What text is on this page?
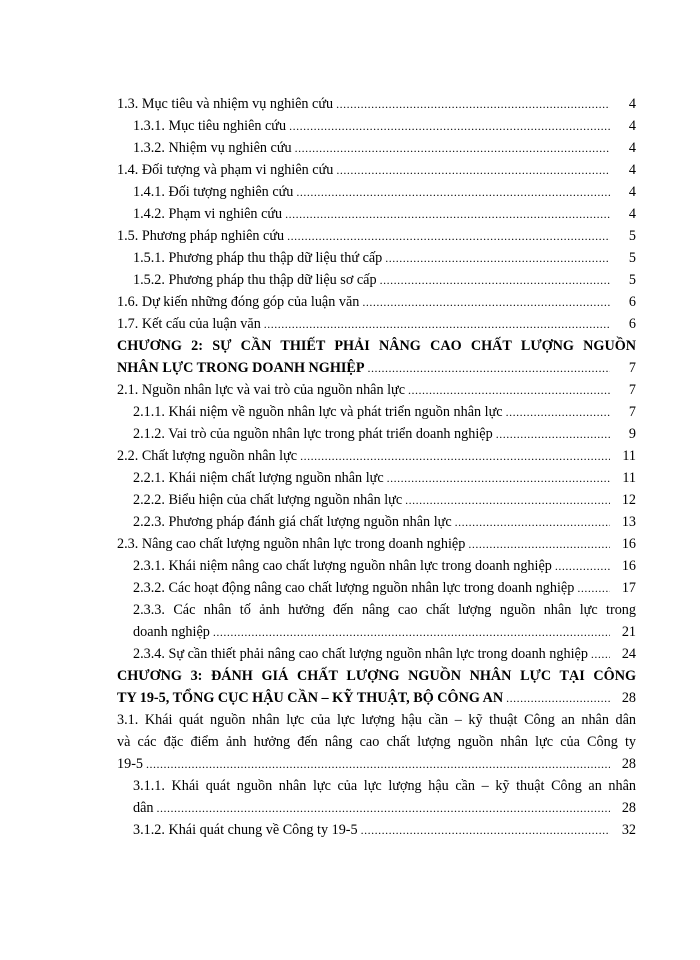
1.3. Mục tiêu và nhiệm vụ nghiên cứu .....	4
1.3.1. Mục tiêu nghiên cứu .....	4
1.3.2. Nhiệm vụ nghiên cứu .....	4
1.4. Đối tượng và phạm vi nghiên cứu .....	4
1.4.1. Đối tượng nghiên cứu .....	4
1.4.2. Phạm vi nghiên cứu .....	4
1.5. Phương pháp nghiên cứu .....	5
1.5.1. Phương pháp thu thập dữ liệu thứ cấp .....	5
1.5.2. Phương pháp thu thập dữ liệu sơ cấp .....	5
1.6. Dự kiến những đóng góp của luận văn .....	6
1.7. Kết cấu của luận văn .....	6
CHƯƠNG 2: SỰ CẦN THIẾT PHẢI NÂNG CAO CHẤT LƯỢNG NGUỒN
NHÂN LỰC TRONG DOANH NGHIỆP .....	7
2.1. Nguồn nhân lực và vai trò của nguồn nhân lực .....	7
2.1.1. Khái niệm về nguồn nhân lực và phát triển nguồn nhân lực .....	7
2.1.2. Vai trò của nguồn nhân lực trong phát triển doanh nghiệp .....	9
2.2. Chất lượng nguồn nhân lực .....	11
2.2.1. Khái niệm chất lượng nguồn nhân lực .....	11
2.2.2. Biểu hiện của chất lượng nguồn nhân lực .....	12
2.2.3. Phương pháp đánh giá chất lượng nguồn nhân lực .....	13
2.3. Nâng cao chất lượng nguồn nhân lực trong doanh nghiệp .....	16
2.3.1. Khái niệm nâng cao chất lượng nguồn nhân lực trong doanh nghiệp .....	16
2.3.2. Các hoạt động nâng cao chất lượng nguồn nhân lực trong doanh nghiệp .....	17
2.3.3. Các nhân tố ảnh hưởng đến nâng cao chất lượng nguồn nhân lực trong
doanh nghiệp .....	21
2.3.4. Sự cần thiết phải nâng cao chất lượng nguồn nhân lực trong doanh nghiệp .....	24
CHƯƠNG 3: ĐÁNH GIÁ CHẤT LƯỢNG NGUỒN NHÂN LỰC TẠI CÔNG
TY 19-5, TỔNG CỤC HẬU CẦN – KỸ THUẬT, BỘ CÔNG AN .....	28
3.1. Khái quát nguồn nhân lực của lực lượng hậu cần – kỹ thuật Công an nhân dân
và các đặc điểm ảnh hưởng đến nâng cao chất lượng nguồn nhân lực của Công ty
19-5 .....	28
3.1.1. Khái quát nguồn nhân lực của lực lượng hậu cần – kỹ thuật Công an nhân
dân .....	28
3.1.2. Khái quát chung về Công ty 19-5 .....	32
